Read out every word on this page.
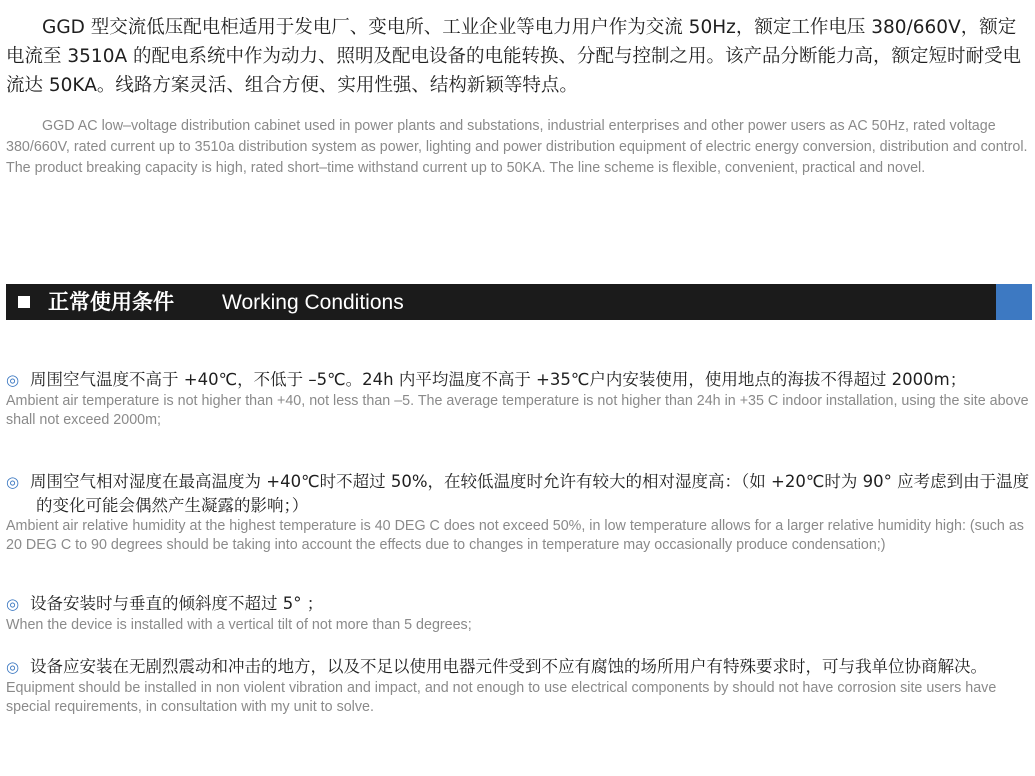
GGD 型交流低压配电柜适用于发电厂、变电所、工业企业等电力用户作为交流 50Hz，额定工作电压 380/660V，额定电流至 3510A 的配电系统中作为动力、照明及配电设备的电能转换、分配与控制之用。该产品分断能力高，额定短时耐受电流达 50KA。线路方案灵活、组合方便、实用性强、结构新颖等特点。

GGD AC low–voltage distribution cabinet used in power plants and substations, industrial enterprises and other power users as AC 50Hz, rated voltage 380/660V, rated current up to 3510a distribution system as power, lighting and power distribution equipment of electric energy conversion, distribution and control. The product breaking capacity is high, rated short–time withstand current up to 50KA. The line scheme is flexible, convenient, practical and novel.

正常使用条件 Working Conditions

◎ 周围空气温度不高于 +40℃，不低于 –5℃。24h 内平均温度不高于 +35℃户内安装使用，使用地点的海拔不得超过 2000m；

Ambient air temperature is not higher than +40, not less than –5. The average temperature is not higher than 24h in +35 C indoor installation, using the site above shall not exceed 2000m;

◎ 周围空气相对湿度在最高温度为 +40℃时不超过 50%，在较低温度时允许有较大的相对湿度高：（如 +20℃时为 90° 应考虑到由于温度的变化可能会偶然产生凝露的影响；）

Ambient air relative humidity at the highest temperature is 40 DEG C does not exceed 50%, in low temperature allows for a larger relative humidity high: (such as 20 DEG C to 90 degrees should be taking into account the effects due to changes in temperature may occasionally produce condensation;)

◎ 设备安装时与垂直的倾斜度不超过 5° ；

When the device is installed with a vertical tilt of not more than 5 degrees;

◎ 设备应安装在无剧烈震动和冲击的地方，以及不足以使用电器元件受到不应有腐蚀的场所用户有特殊要求时，可与我单位协商解决。

Equipment should be installed in non violent vibration and impact, and not enough to use electrical components by should not have corrosion site users have special requirements, in consultation with my unit to solve.
